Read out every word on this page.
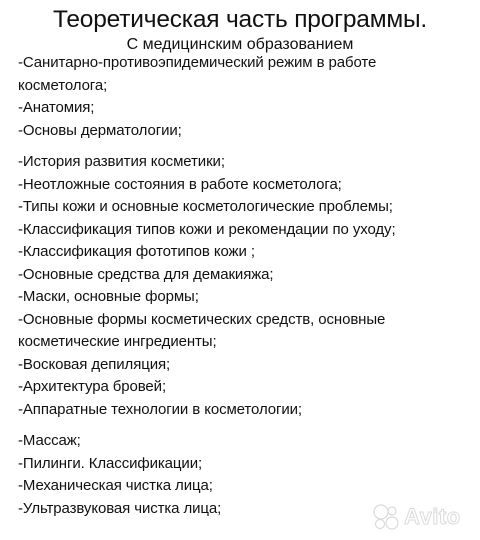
Теоретическая часть программы.
С медицинским образованием
-Санитарно-противоэпидемический режим в работе
косметолога;
-Анатомия;
-Основы дерматологии;
-История развития косметики;
-Неотложные состояния в работе косметолога;
-Типы кожи и основные косметологические проблемы;
-Классификация типов кожи и рекомендации по уходу;
-Классификация фототипов кожи ;
-Основные средства для демакияжа;
-Маски, основные формы;
-Основные формы косметических средств, основные
косметические ингредиенты;
-Восковая депиляция;
-Архитектура бровей;
-Аппаратные технологии в косметологии;
-Массаж;
-Пилинги. Классификации;
-Механическая чистка лица;
-Ультразвуковая чистка лица;	Avito
